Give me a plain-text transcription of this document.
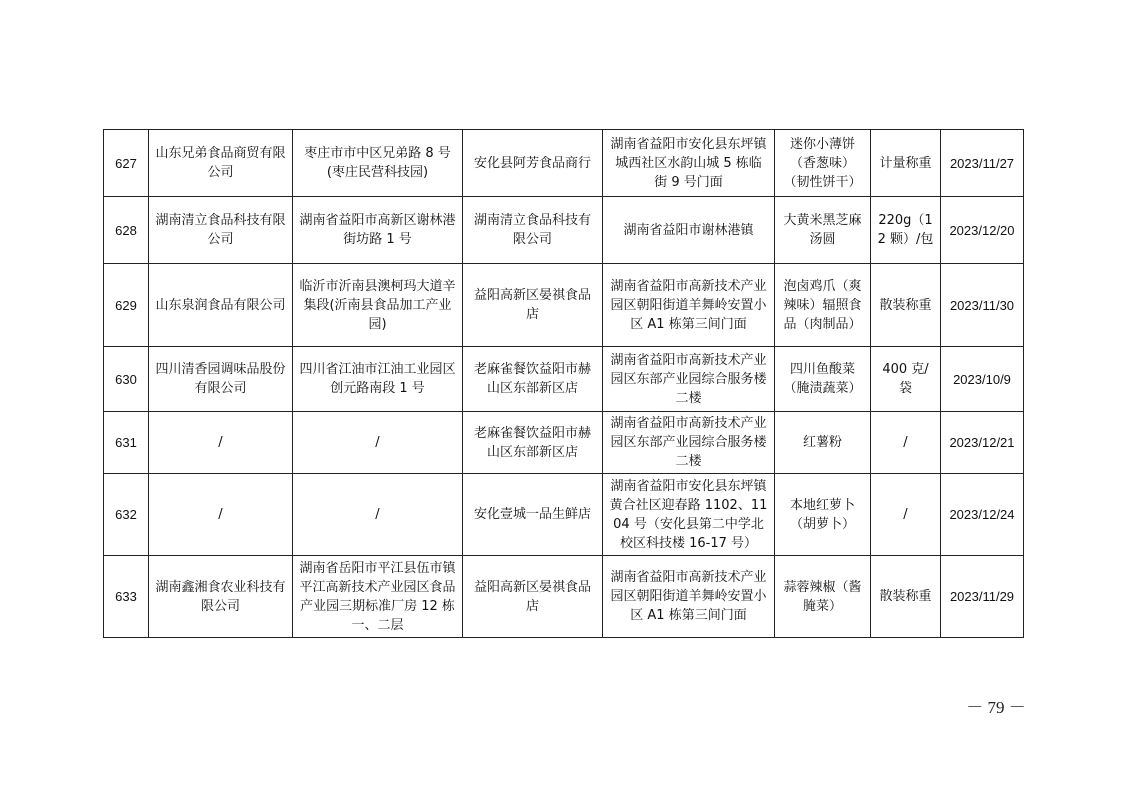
627	山东兄弟食品商贸有限公司	枣庄市市中区兄弟路 8 号(枣庄民营科技园)	安化县阿芳食品商行	湖南省益阳市安化县东坪镇城西社区水韵山城 5 栋临街 9 号门面	迷你小薄饼（香葱味）（韧性饼干）	计量称重	2023/11/27
628	湖南清立食品科技有限公司	湖南省益阳市高新区谢林港街坊路 1 号	湖南清立食品科技有限公司	湖南省益阳市谢林港镇	大黄米黑芝麻汤圆	220g（12 颗）/包	2023/12/20
629	山东泉润食品有限公司	临沂市沂南县澳柯玛大道辛集段(沂南县食品加工产业园)	益阳高新区晏祺食品店	湖南省益阳市高新技术产业园区朝阳街道羊舞岭安置小区 A1 栋第三间门面	泡卤鸡爪（爽辣味）辐照食品（肉制品）	散装称重	2023/11/30
630	四川清香园调味品股份有限公司	四川省江油市江油工业园区创元路南段 1 号	老麻雀餐饮益阳市赫山区东部新区店	湖南省益阳市高新技术产业园区东部产业园综合服务楼二楼	四川鱼酸菜（腌渍蔬菜）	400 克/袋	2023/10/9
631	/	/	老麻雀餐饮益阳市赫山区东部新区店	湖南省益阳市高新技术产业园区东部产业园综合服务楼二楼	红薯粉	/	2023/12/21
632	/	/	安化壹城一品生鲜店	湖南省益阳市安化县东坪镇黄合社区迎春路 1102、1104 号（安化县第二中学北校区科技楼 16-17 号）	本地红萝卜（胡萝卜）	/	2023/12/24
633	湖南鑫湘食农业科技有限公司	湖南省岳阳市平江县伍市镇平江高新技术产业园区食品产业园三期标准厂房 12 栋一、二层	益阳高新区晏祺食品店	湖南省益阳市高新技术产业园区朝阳街道羊舞岭安置小区 A1 栋第三间门面	蒜蓉辣椒（酱腌菜）	散装称重	2023/11/29
－ 79 －
